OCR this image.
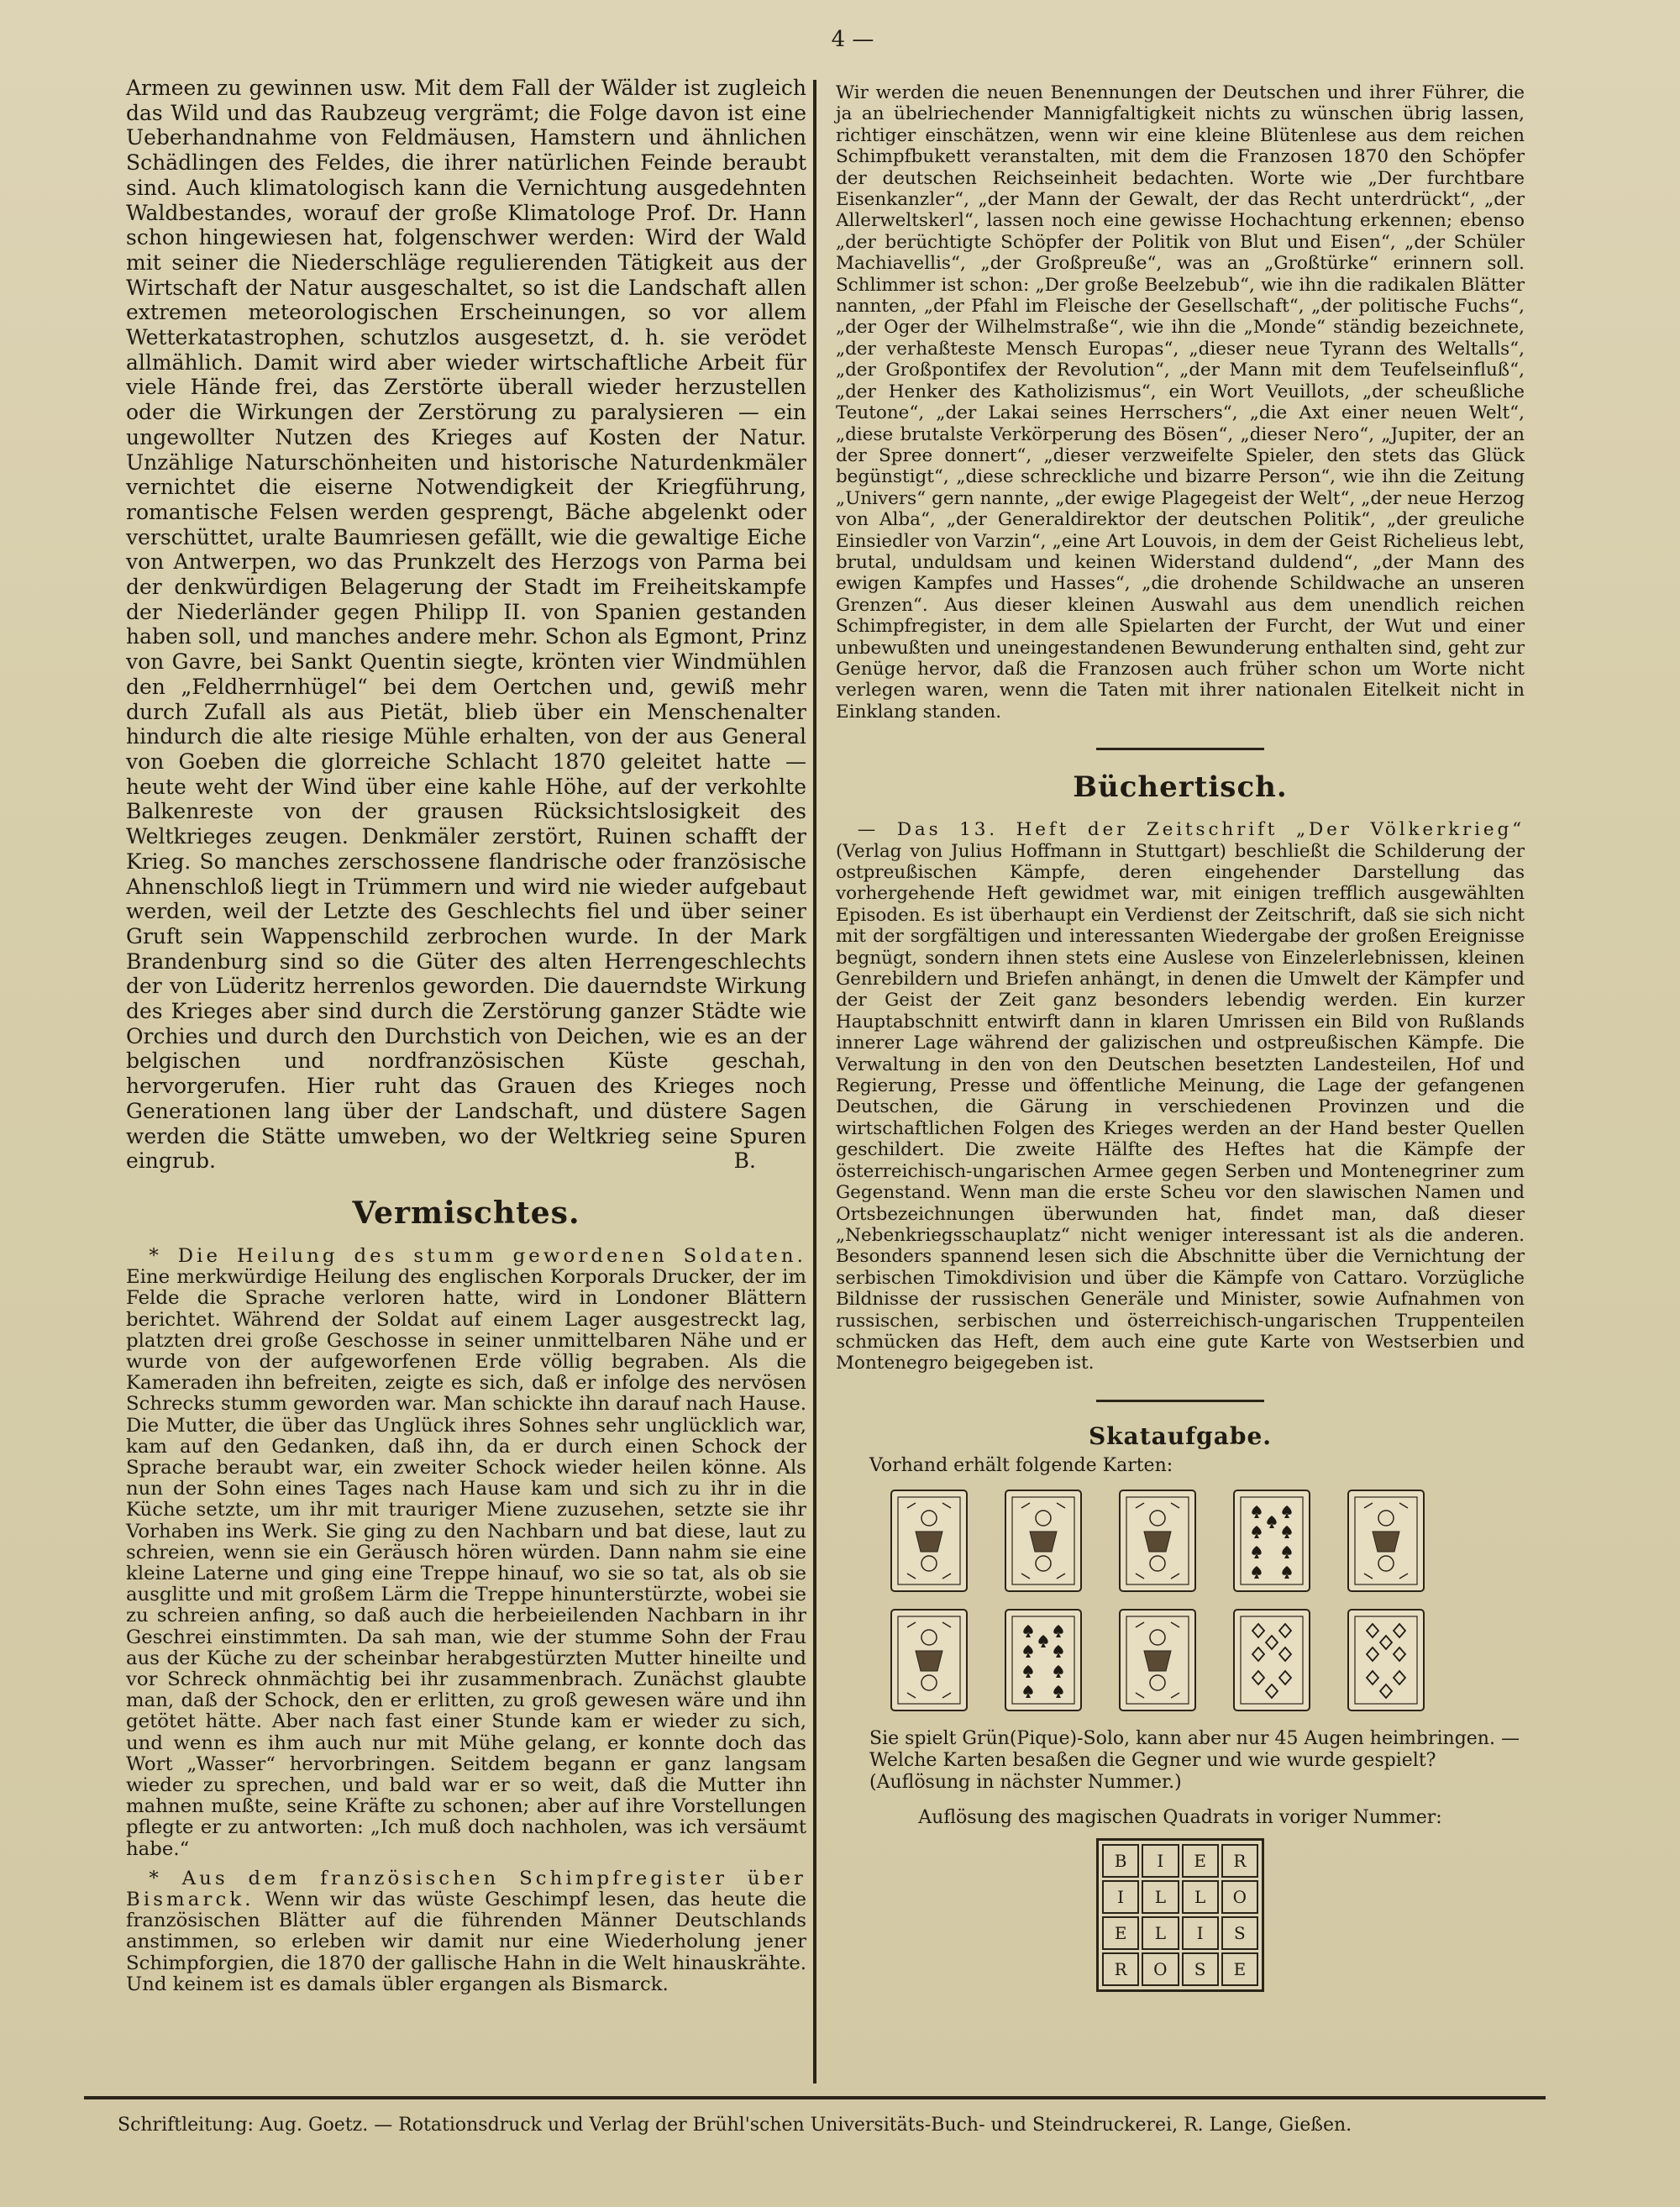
4 —

Armeen zu gewinnen usw. Mit dem Fall der Wälder ist zugleich das Wild und das Raubzeug vergrämt; die Folge davon ist eine Ueberhandnahme von Feldmäusen, Hamstern und ähnlichen Schädlingen des Feldes, die ihrer natürlichen Feinde beraubt sind. Auch klimatologisch kann die Vernichtung ausgedehnten Waldbestandes, worauf der große Klimatologe Prof. Dr. Hann schon hingewiesen hat, folgenschwer werden: Wird der Wald mit seiner die Niederschläge regulierenden Tätigkeit aus der Wirtschaft der Natur ausgeschaltet, so ist die Landschaft allen extremen meteorologischen Erscheinungen, so vor allem Wetterkatastrophen, schutzlos ausgesetzt, d. h. sie verödet allmählich. Damit wird aber wieder wirtschaftliche Arbeit für viele Hände frei, das Zerstörte überall wieder herzustellen oder die Wirkungen der Zerstörung zu paralysieren — ein ungewollter Nutzen des Krieges auf Kosten der Natur. Unzählige Naturschönheiten und historische Naturdenkmäler vernichtet die eiserne Notwendigkeit der Kriegführung, romantische Felsen werden gesprengt, Bäche abgelenkt oder verschüttet, uralte Baumriesen gefällt, wie die gewaltige Eiche von Antwerpen, wo das Prunkzelt des Herzogs von Parma bei der denkwürdigen Belagerung der Stadt im Freiheitskampfe der Niederländer gegen Philipp II. von Spanien gestanden haben soll, und manches andere mehr. Schon als Egmont, Prinz von Gavre, bei Sankt Quentin siegte, krönten vier Windmühlen den „Feldherrnhügel“ bei dem Oertchen und, gewiß mehr durch Zufall als aus Pietät, blieb über ein Menschenalter hindurch die alte riesige Mühle erhalten, von der aus General von Goeben die glorreiche Schlacht 1870 geleitet hatte — heute weht der Wind über eine kahle Höhe, auf der verkohlte Balkenreste von der grausen Rücksichtslosigkeit des Weltkrieges zeugen. Denkmäler zerstört, Ruinen schafft der Krieg. So manches zerschossene flandrische oder französische Ahnenschloß liegt in Trümmern und wird nie wieder aufgebaut werden, weil der Letzte des Geschlechts fiel und über seiner Gruft sein Wappenschild zerbrochen wurde. In der Mark Brandenburg sind so die Güter des alten Herrengeschlechts der von Lüderitz herrenlos geworden. Die dauerndste Wirkung des Krieges aber sind durch die Zerstörung ganzer Städte wie Orchies und durch den Durchstich von Deichen, wie es an der belgischen und nordfranzösischen Küste geschah, hervorgerufen. Hier ruht das Grauen des Krieges noch Generationen lang über der Landschaft, und düstere Sagen werden die Stätte umweben, wo der Weltkrieg seine Spuren eingrub.	B.

Vermischtes.

* Die Heilung des stumm gewordenen Soldaten. Eine merkwürdige Heilung des englischen Korporals Drucker, der im Felde die Sprache verloren hatte, wird in Londoner Blättern berichtet. Während der Soldat auf einem Lager ausgestreckt lag, platzten drei große Geschosse in seiner unmittelbaren Nähe und er wurde von der aufgeworfenen Erde völlig begraben. Als die Kameraden ihn befreiten, zeigte es sich, daß er infolge des nervösen Schrecks stumm geworden war. Man schickte ihn darauf nach Hause. Die Mutter, die über das Unglück ihres Sohnes sehr unglücklich war, kam auf den Gedanken, daß ihn, da er durch einen Schock der Sprache beraubt war, ein zweiter Schock wieder heilen könne. Als nun der Sohn eines Tages nach Hause kam und sich zu ihr in die Küche setzte, um ihr mit trauriger Miene zuzusehen, setzte sie ihr Vorhaben ins Werk. Sie ging zu den Nachbarn und bat diese, laut zu schreien, wenn sie ein Geräusch hören würden. Dann nahm sie eine kleine Laterne und ging eine Treppe hinauf, wo sie so tat, als ob sie ausglitte und mit großem Lärm die Treppe hinunterstürzte, wobei sie zu schreien anfing, so daß auch die herbeieilenden Nachbarn in ihr Geschrei einstimmten. Da sah man, wie der stumme Sohn der Frau aus der Küche zu der scheinbar herabgestürzten Mutter hineilte und vor Schreck ohnmächtig bei ihr zusammenbrach. Zunächst glaubte man, daß der Schock, den er erlitten, zu groß gewesen wäre und ihn getötet hätte. Aber nach fast einer Stunde kam er wieder zu sich, und wenn es ihm auch nur mit Mühe gelang, er konnte doch das Wort „Wasser“ hervorbringen. Seitdem begann er ganz langsam wieder zu sprechen, und bald war er so weit, daß die Mutter ihn mahnen mußte, seine Kräfte zu schonen; aber auf ihre Vorstellungen pflegte er zu antworten: „Ich muß doch nachholen, was ich versäumt habe.“

* Aus dem französischen Schimpfregister über Bismarck. Wenn wir das wüste Geschimpf lesen, das heute die französischen Blätter auf die führenden Männer Deutschlands anstimmen, so erleben wir damit nur eine Wiederholung jener Schimpforgien, die 1870 der gallische Hahn in die Welt hinauskrähte. Und keinem ist es damals übler ergangen als Bismarck.

Wir werden die neuen Benennungen der Deutschen und ihrer Führer, die ja an übelriechender Mannigfaltigkeit nichts zu wünschen übrig lassen, richtiger einschätzen, wenn wir eine kleine Blütenlese aus dem reichen Schimpfbukett veranstalten, mit dem die Franzosen 1870 den Schöpfer der deutschen Reichseinheit bedachten. Worte wie „Der furchtbare Eisenkanzler“, „der Mann der Gewalt, der das Recht unterdrückt“, „der Allerweltskerl“, lassen noch eine gewisse Hochachtung erkennen; ebenso „der berüchtigte Schöpfer der Politik von Blut und Eisen“, „der Schüler Machiavellis“, „der Großpreuße“, was an „Großtürke“ erinnern soll. Schlimmer ist schon: „Der große Beelzebub“, wie ihn die radikalen Blätter nannten, „der Pfahl im Fleische der Gesellschaft“, „der politische Fuchs“, „der Oger der Wilhelmstraße“, wie ihn die „Monde“ ständig bezeichnete, „der verhaßteste Mensch Europas“, „dieser neue Tyrann des Weltalls“, „der Großpontifex der Revolution“, „der Mann mit dem Teufelseinfluß“, „der Henker des Katholizismus“, ein Wort Veuillots, „der scheußliche Teutone“, „der Lakai seines Herrschers“, „die Axt einer neuen Welt“, „diese brutalste Verkörperung des Bösen“, „dieser Nero“, „Jupiter, der an der Spree donnert“, „dieser verzweifelte Spieler, den stets das Glück begünstigt“, „diese schreckliche und bizarre Person“, wie ihn die Zeitung „Univers“ gern nannte, „der ewige Plagegeist der Welt“, „der neue Herzog von Alba“, „der Generaldirektor der deutschen Politik“, „der greuliche Einsiedler von Varzin“, „eine Art Louvois, in dem der Geist Richelieus lebt, brutal, unduldsam und keinen Widerstand duldend“, „der Mann des ewigen Kampfes und Hasses“, „die drohende Schildwache an unseren Grenzen“. Aus dieser kleinen Auswahl aus dem unendlich reichen Schimpfregister, in dem alle Spielarten der Furcht, der Wut und einer unbewußten und uneingestandenen Bewunderung enthalten sind, geht zur Genüge hervor, daß die Franzosen auch früher schon um Worte nicht verlegen waren, wenn die Taten mit ihrer nationalen Eitelkeit nicht in Einklang standen.

Büchertisch.

— Das 13. Heft der Zeitschrift „Der Völkerkrieg“ (Verlag von Julius Hoffmann in Stuttgart) beschließt die Schilderung der ostpreußischen Kämpfe, deren eingehender Darstellung das vorhergehende Heft gewidmet war, mit einigen trefflich ausgewählten Episoden. Es ist überhaupt ein Verdienst der Zeitschrift, daß sie sich nicht mit der sorgfältigen und interessanten Wiedergabe der großen Ereignisse begnügt, sondern ihnen stets eine Auslese von Einzelerlebnissen, kleinen Genrebildern und Briefen anhängt, in denen die Umwelt der Kämpfer und der Geist der Zeit ganz besonders lebendig werden. Ein kurzer Hauptabschnitt entwirft dann in klaren Umrissen ein Bild von Rußlands innerer Lage während der galizischen und ostpreußischen Kämpfe. Die Verwaltung in den von den Deutschen besetzten Landesteilen, Hof und Regierung, Presse und öffentliche Meinung, die Lage der gefangenen Deutschen, die Gärung in verschiedenen Provinzen und die wirtschaftlichen Folgen des Krieges werden an der Hand bester Quellen geschildert. Die zweite Hälfte des Heftes hat die Kämpfe der österreichisch-ungarischen Armee gegen Serben und Montenegriner zum Gegenstand. Wenn man die erste Scheu vor den slawischen Namen und Ortsbezeichnungen überwunden hat, findet man, daß dieser „Nebenkriegsschauplatz“ nicht weniger interessant ist als die anderen. Besonders spannend lesen sich die Abschnitte über die Vernichtung der serbischen Timokdivision und über die Kämpfe von Cattaro. Vorzügliche Bildnisse der russischen Generäle und Minister, sowie Aufnahmen von russischen, serbischen und österreichisch-ungarischen Truppenteilen schmücken das Heft, dem auch eine gute Karte von Westserbien und Montenegro beigegeben ist.

Skataufgabe.
Vorhand erhält folgende Karten:
Sie spielt Grün(Pique)-Solo, kann aber nur 45 Augen heimbringen. — Welche Karten besaßen die Gegner und wie wurde gespielt? (Auflösung in nächster Nummer.)
Auflösung des magischen Quadrats in voriger Nummer:
B	I	E	R
I	L	L	O
E	L	I	S
R	O	S	E
Schriftleitung: Aug. Goetz. — Rotationsdruck und Verlag der Brühl'schen Universitäts-Buch- und Steindruckerei, R. Lange, Gießen.
